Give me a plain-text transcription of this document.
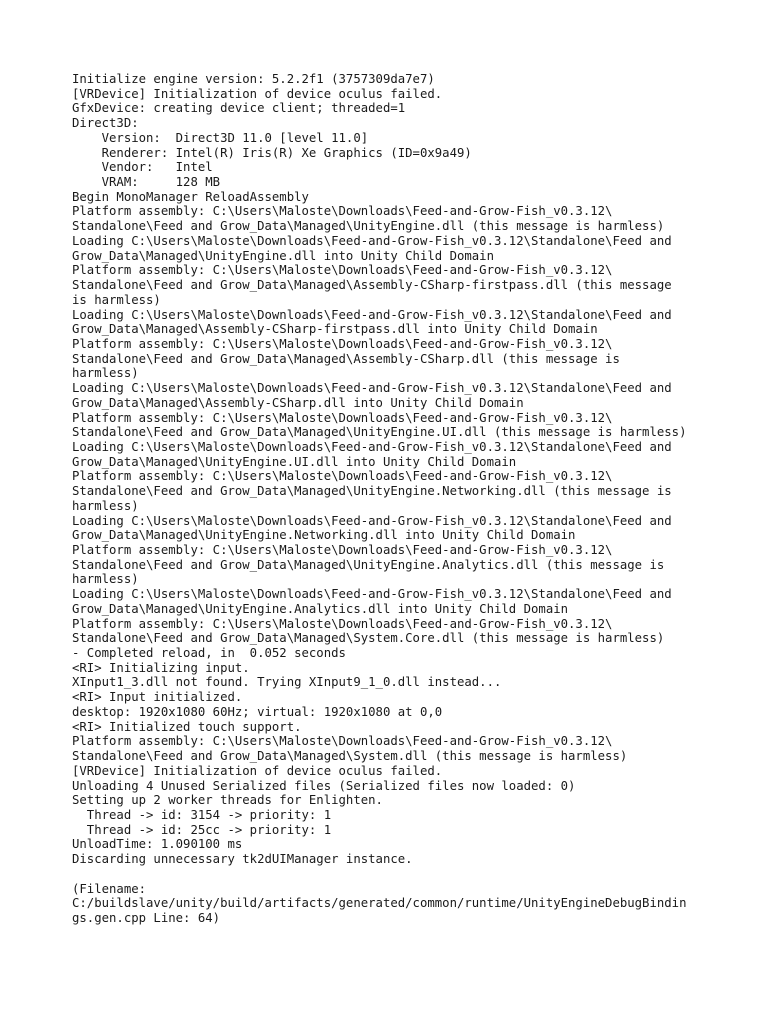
Initialize engine version: 5.2.2f1 (3757309da7e7)
[VRDevice] Initialization of device oculus failed.
GfxDevice: creating device client; threaded=1
Direct3D:
Version:  Direct3D 11.0 [level 11.0]
Renderer: Intel(R) Iris(R) Xe Graphics (ID=0x9a49)
Vendor:   Intel
VRAM:     128 MB
Begin MonoManager ReloadAssembly
Platform assembly: C:\Users\Maloste\Downloads\Feed-and-Grow-Fish_v0.3.12\
Standalone\Feed and Grow_Data\Managed\UnityEngine.dll (this message is harmless)
Loading C:\Users\Maloste\Downloads\Feed-and-Grow-Fish_v0.3.12\Standalone\Feed and
Grow_Data\Managed\UnityEngine.dll into Unity Child Domain
Platform assembly: C:\Users\Maloste\Downloads\Feed-and-Grow-Fish_v0.3.12\
Standalone\Feed and Grow_Data\Managed\Assembly-CSharp-firstpass.dll (this message
is harmless)
Loading C:\Users\Maloste\Downloads\Feed-and-Grow-Fish_v0.3.12\Standalone\Feed and
Grow_Data\Managed\Assembly-CSharp-firstpass.dll into Unity Child Domain
Platform assembly: C:\Users\Maloste\Downloads\Feed-and-Grow-Fish_v0.3.12\
Standalone\Feed and Grow_Data\Managed\Assembly-CSharp.dll (this message is
harmless)
Loading C:\Users\Maloste\Downloads\Feed-and-Grow-Fish_v0.3.12\Standalone\Feed and
Grow_Data\Managed\Assembly-CSharp.dll into Unity Child Domain
Platform assembly: C:\Users\Maloste\Downloads\Feed-and-Grow-Fish_v0.3.12\
Standalone\Feed and Grow_Data\Managed\UnityEngine.UI.dll (this message is harmless)
Loading C:\Users\Maloste\Downloads\Feed-and-Grow-Fish_v0.3.12\Standalone\Feed and
Grow_Data\Managed\UnityEngine.UI.dll into Unity Child Domain
Platform assembly: C:\Users\Maloste\Downloads\Feed-and-Grow-Fish_v0.3.12\
Standalone\Feed and Grow_Data\Managed\UnityEngine.Networking.dll (this message is
harmless)
Loading C:\Users\Maloste\Downloads\Feed-and-Grow-Fish_v0.3.12\Standalone\Feed and
Grow_Data\Managed\UnityEngine.Networking.dll into Unity Child Domain
Platform assembly: C:\Users\Maloste\Downloads\Feed-and-Grow-Fish_v0.3.12\
Standalone\Feed and Grow_Data\Managed\UnityEngine.Analytics.dll (this message is
harmless)
Loading C:\Users\Maloste\Downloads\Feed-and-Grow-Fish_v0.3.12\Standalone\Feed and
Grow_Data\Managed\UnityEngine.Analytics.dll into Unity Child Domain
Platform assembly: C:\Users\Maloste\Downloads\Feed-and-Grow-Fish_v0.3.12\
Standalone\Feed and Grow_Data\Managed\System.Core.dll (this message is harmless)
- Completed reload, in  0.052 seconds
<RI> Initializing input.
XInput1_3.dll not found. Trying XInput9_1_0.dll instead...
<RI> Input initialized.
desktop: 1920x1080 60Hz; virtual: 1920x1080 at 0,0
<RI> Initialized touch support.
Platform assembly: C:\Users\Maloste\Downloads\Feed-and-Grow-Fish_v0.3.12\
Standalone\Feed and Grow_Data\Managed\System.dll (this message is harmless)
[VRDevice] Initialization of device oculus failed.
Unloading 4 Unused Serialized files (Serialized files now loaded: 0)
Setting up 2 worker threads for Enlighten.
Thread -> id: 3154 -> priority: 1
Thread -> id: 25cc -> priority: 1
UnloadTime: 1.090100 ms
Discarding unnecessary tk2dUIManager instance.
(Filename:
C:/buildslave/unity/build/artifacts/generated/common/runtime/UnityEngineDebugBindin
gs.gen.cpp Line: 64)
